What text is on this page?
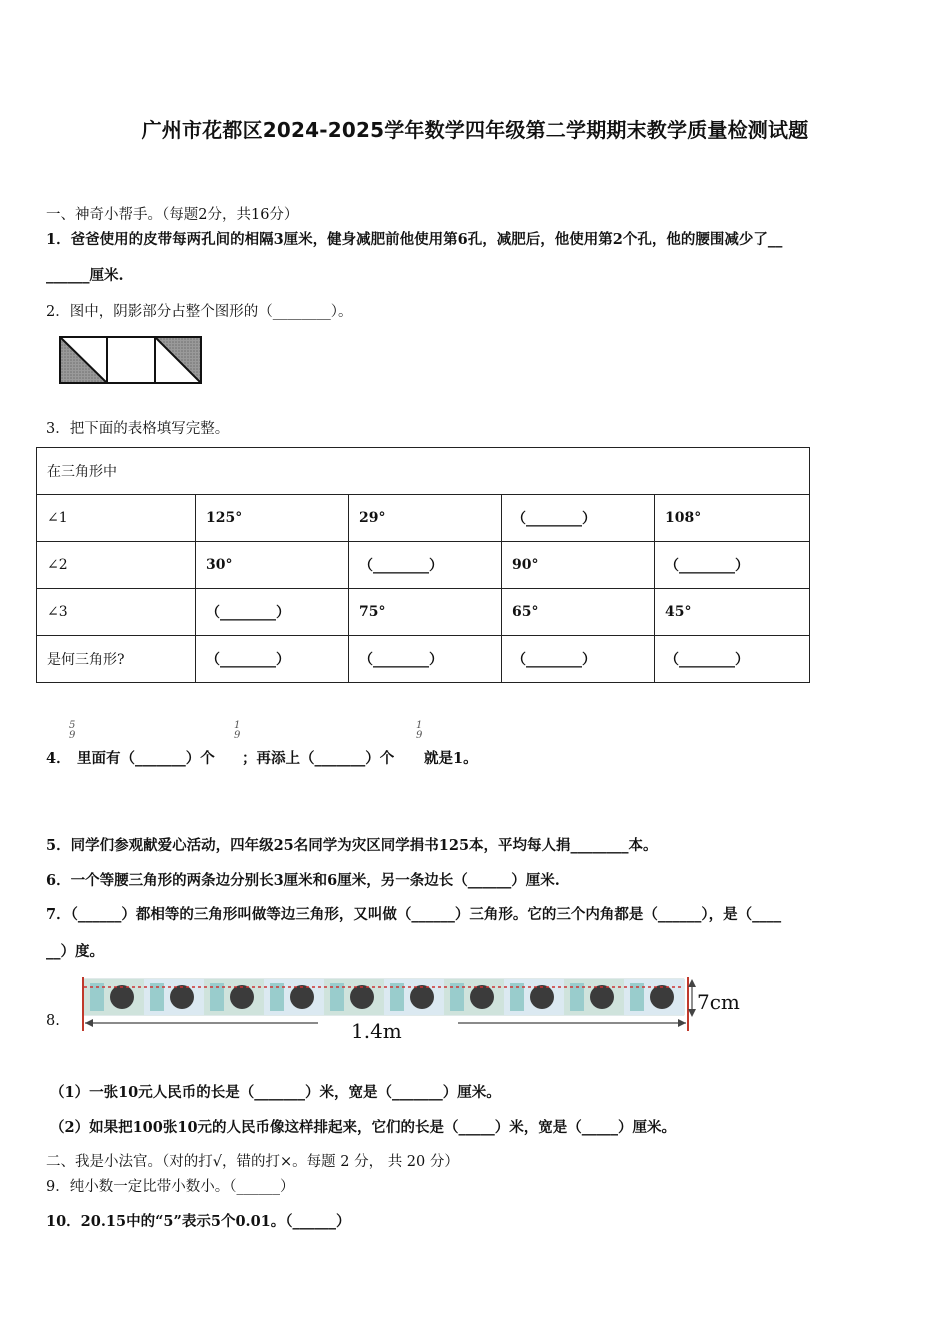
广州市花都区2024-2025学年数学四年级第二学期期末教学质量检测试题
一、神奇小帮手。（每题2分，共16分）
1．爸爸使用的皮带每两孔间的相隔3厘米，健身减肥前他使用第6孔，减肥后，他使用第2个孔，他的腰围减少了__
______厘米.
2．图中，阴影部分占整个图形的（________）。
3．把下面的表格填写完整。
在三角形中				
∠1	125°	29°	（________）	108°
∠2	30°	（________）	90°	（________）
∠3	（________）	75°	65°	45°
是何三角形?	（________）	（________）	（________）	（________）
4．
5
9
里面有（_______）个
1
9
；再添上（_______）个
1
9
就是1。
5．同学们参观献爱心活动，四年级25名同学为灾区同学捐书125本，平均每人捐________本。
6．一个等腰三角形的两条边分别长3厘米和6厘米，另一条边长（______）厘米.
7．（______）都相等的三角形叫做等边三角形，又叫做（______）三角形。它的三个内角都是（______），是（____
__）度。
8.
7cm
1.4m
（1）一张10元人民币的长是（_______）米，宽是（_______）厘米。
（2）如果把100张10元的人民币像这样排起来，它们的长是（_____）米，宽是（_____）厘米。
二、我是小法官。（对的打√，错的打×。每题 2 分， 共 20 分）
9．纯小数一定比带小数小。（______）
10．20.15中的“5”表示5个0.01。（______）
